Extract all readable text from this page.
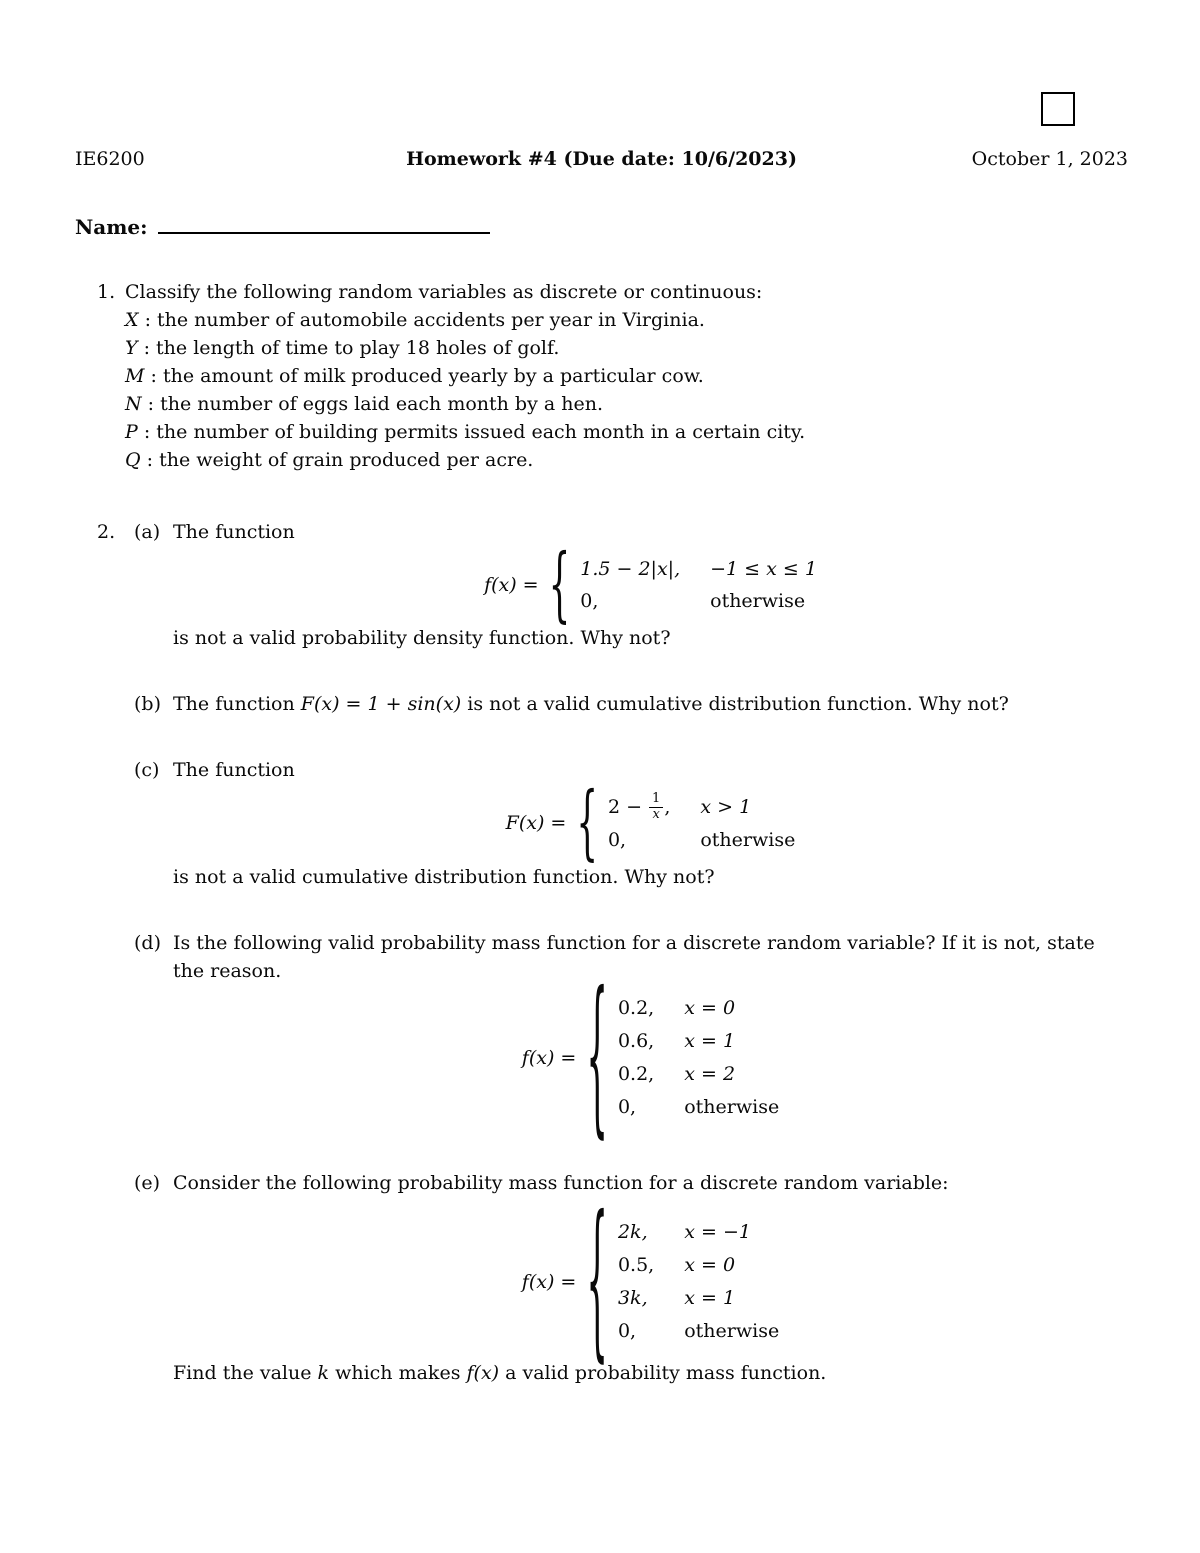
IE6200	Homework #4 (Due date: 10/6/2023)	October 1, 2023
Name:
1. Classify the following random variables as discrete or continuous:
X : the number of automobile accidents per year in Virginia.
Y : the length of time to play 18 holes of golf.
M : the amount of milk produced yearly by a particular cow.
N : the number of eggs laid each month by a hen.
P : the number of building permits issued each month in a certain city.
Q : the weight of grain produced per acre.
2. (a) The function
f(x) = { 1.5 − 2|x|, −1 ≤ x ≤ 1
0,	otherwise
is not a valid probability density function. Why not?
(b) The function F(x) = 1 + sin(x) is not a valid cumulative distribution function. Why not?
(c) The function
F(x) = { $2 - \frac{1}{x}$ , x > 1
0,	otherwise
is not a valid cumulative distribution function. Why not?
(d) Is the following valid probability mass function for a discrete random variable? If it is not, state the reason.
f(x) = { 0.2, x = 0
0.6, x = 1
0.2, x = 2
0,	otherwise
(e) Consider the following probability mass function for a discrete random variable:
f(x) = { 2k,	x = −1
0.5, x = 0
3k,	x = 1
0,	otherwise
Find the value k which makes f(x) a valid probability mass function.
